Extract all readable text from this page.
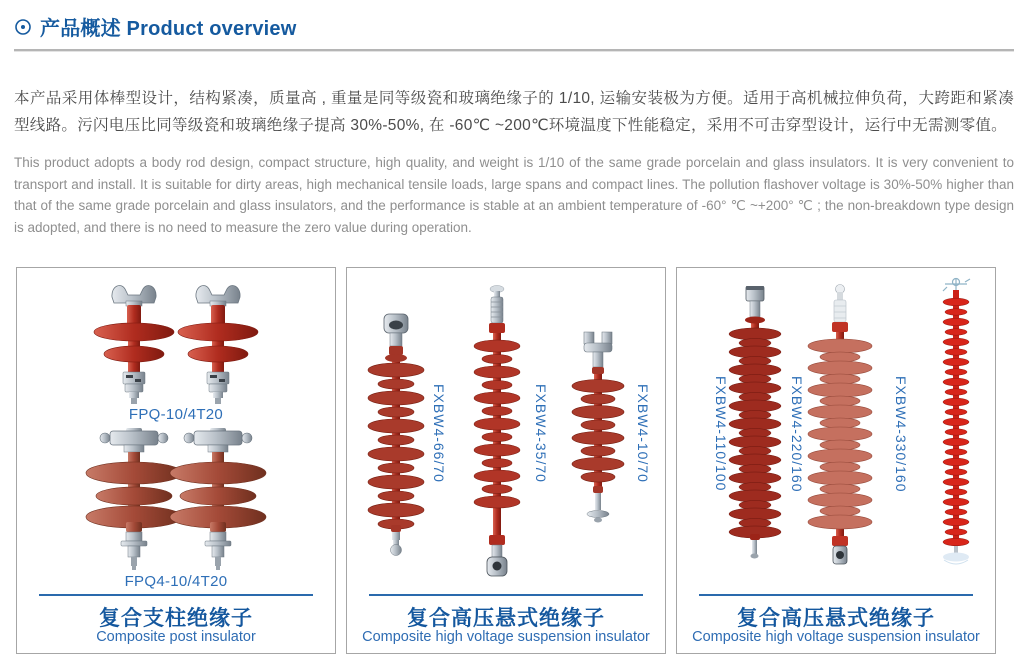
产品概述 Product overview
本产品采用体棒型设计，结构紧凑，质量高 , 重量是同等级瓷和玻璃绝缘子的 1/10, 运输安装极为方便。适用于高机械拉伸负荷，大跨距和紧凑型线路。污闪电压比同等级瓷和玻璃绝缘子提高 30%-50%, 在 -60℃ ~200℃环境温度下性能稳定，采用不可击穿型设计，运行中无需测零值。
This product adopts a body rod design, compact structure, high quality, and weight is 1/10 of the same grade porcelain and glass insulators. It is very convenient to transport and install. It is suitable for dirty areas, high mechanical tensile loads, large spans and compact lines. The pollution flashover voltage is 30%-50% higher than that of the same grade porcelain and glass insulators, and the performance is stable at an ambient temperature of -60° ℃ ~+200° ℃ ; the non-breakdown type design is adopted, and there is no need to measure the zero value during operation.
FPQ-10/4T20
FPQ4-10/4T20
复合支柱绝缘子
Composite post insulator
FXBW4-66/70	FXBW4-35/70	FXBW4-10/70
复合高压悬式绝缘子
Composite high voltage suspension insulator
FXBW4-110/100	FXBW4-220/160	FXBW4-330/160
复合高压悬式绝缘子
Composite high voltage suspension insulator
